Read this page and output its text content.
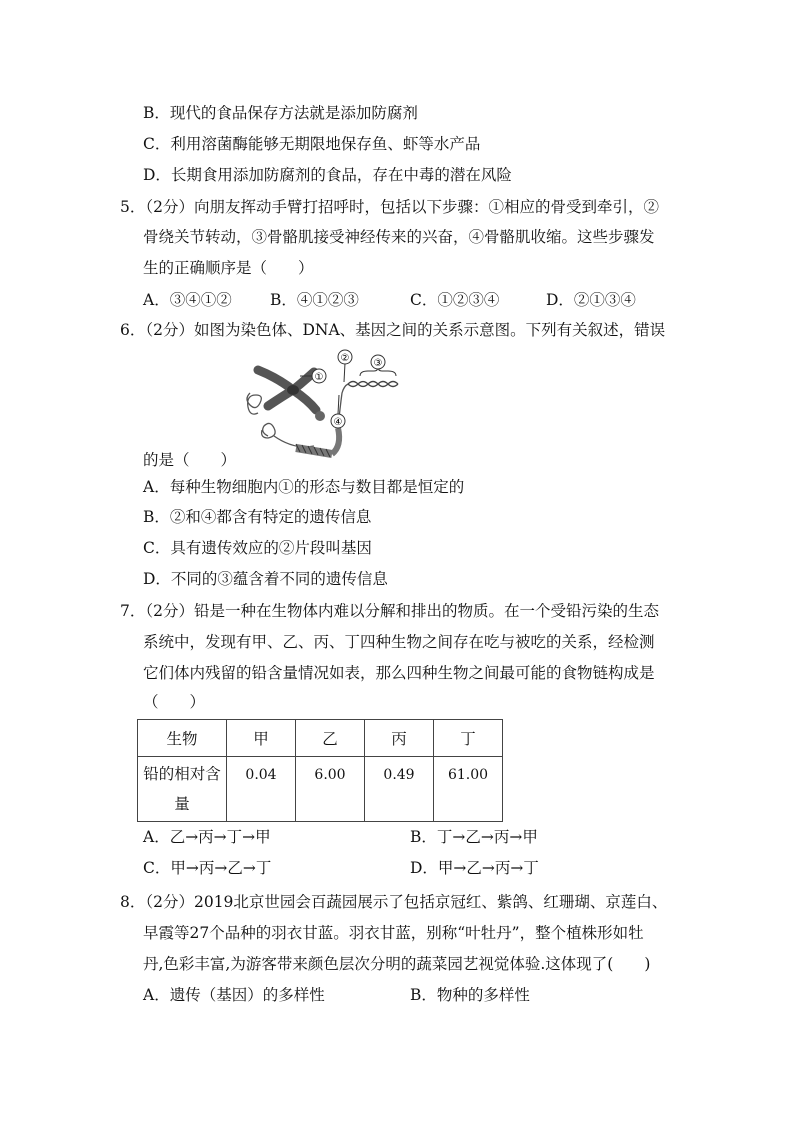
B．现代的食品保存方法就是添加防腐剂
C．利用溶菌酶能够无期限地保存鱼、虾等水产品
D．长期食用添加防腐剂的食品，存在中毒的潜在风险
5．（2分）向朋友挥动手臂打招呼时，包括以下步骤：①相应的骨受到牵引，②
骨绕关节转动，③骨骼肌接受神经传来的兴奋，④骨骼肌收缩。这些步骤发
生的正确顺序是（　　）
A．③④①② B．④①②③	C．①②③④	D．②①③④
6．（2分）如图为染色体、DNA、基因之间的关系示意图。下列有关叙述，错误
①
② ③
④
的是（　　）
A．每种生物细胞内①的形态与数目都是恒定的
B．②和④都含有特定的遗传信息
C．具有遗传效应的②片段叫基因
D．不同的③蕴含着不同的遗传信息
7．（2分）铅是一种在生物体内难以分解和排出的物质。在一个受铅污染的生态
系统中，发现有甲、乙、丙、丁四种生物之间存在吃与被吃的关系，经检测
它们体内残留的铅含量情况如表，那么四种生物之间最可能的食物链构成是
（　　）
生物	甲	乙	丙	丁

铅的相对含
量	0.04	6.00	0.49	61.00
A．乙→丙→丁→甲	B．丁→乙→丙→甲
C．甲→丙→乙→丁	D．甲→乙→丙→丁
8．（2分）2019北京世园会百蔬园展示了包括京冠红、紫鸽、红珊瑚、京莲白、
早霞等27个品种的羽衣甘蓝。羽衣甘蓝，别称“叶牡丹”，整个植株形如牡
丹,色彩丰富,为游客带来颜色层次分明的蔬菜园艺视觉体验.这体现了(　　)
A．遗传（基因）的多样性	B．物种的多样性
